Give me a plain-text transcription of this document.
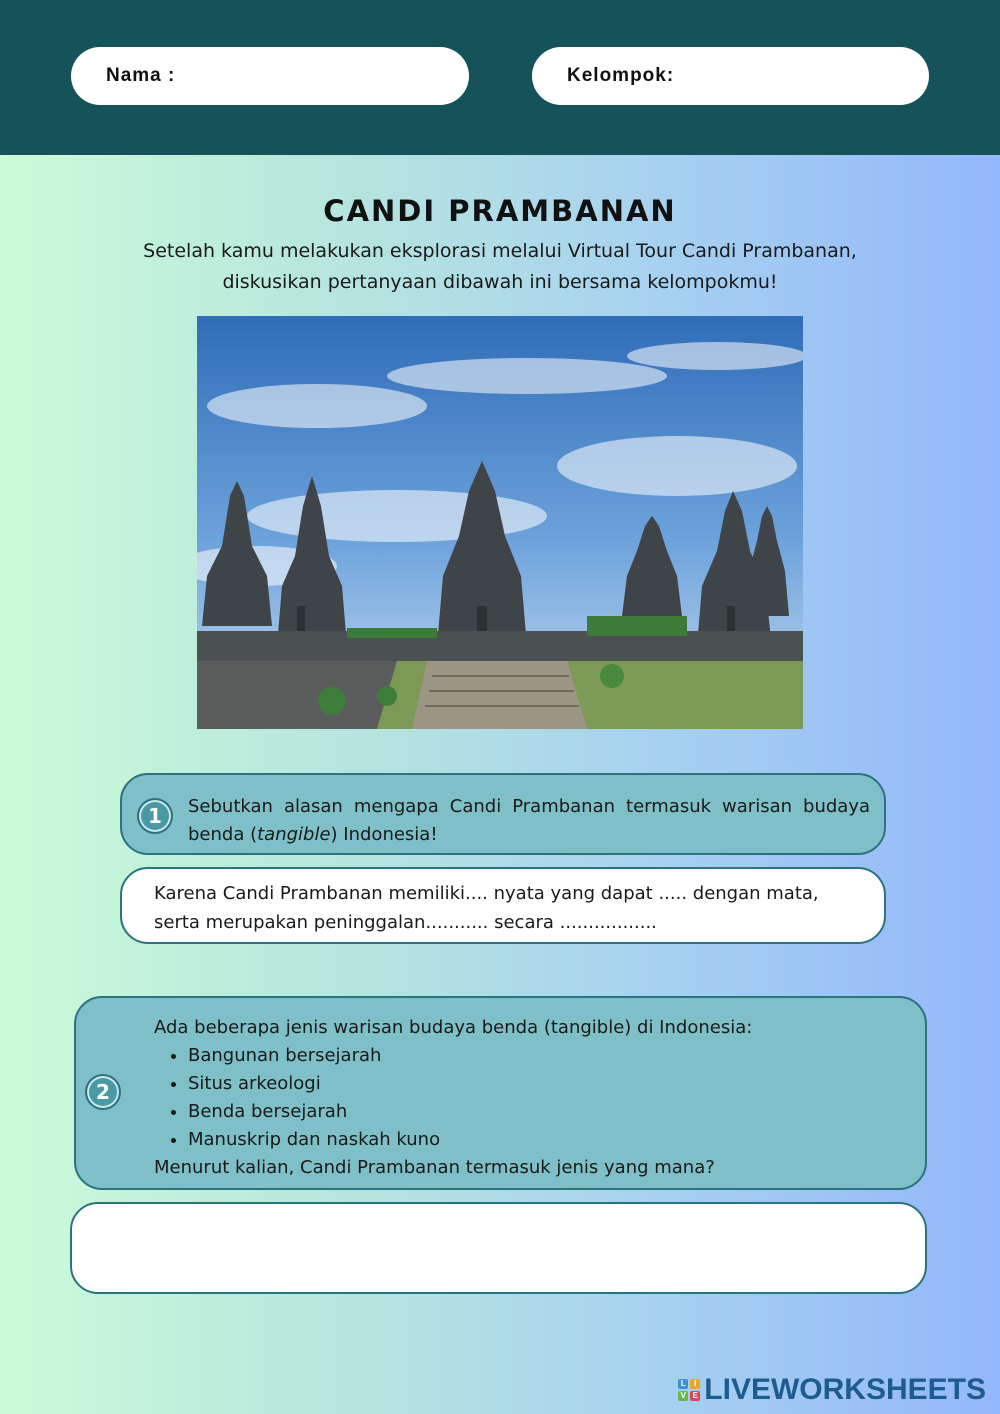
Nama :	Kelompok:
CANDI PRAMBANAN
Setelah kamu melakukan eksplorasi melalui Virtual Tour Candi Prambanan,
diskusikan pertanyaan dibawah ini bersama kelompokmu!
1	Sebutkan alasan mengapa Candi Prambanan termasuk warisan budaya benda (tangible) Indonesia!
Karena Candi Prambanan memiliki.... nyata yang dapat ..... dengan mata,
serta merupakan peninggalan........... secara .................
2
Ada beberapa jenis warisan budaya benda (tangible) di Indonesia:
• Bangunan bersejarah
• Situs arkeologi
• Benda bersejarah
• Manuskrip dan naskah kuno
Menurut kalian, Candi Prambanan termasuk jenis yang mana?
L	I
V E LIVEWORKSHEETS
